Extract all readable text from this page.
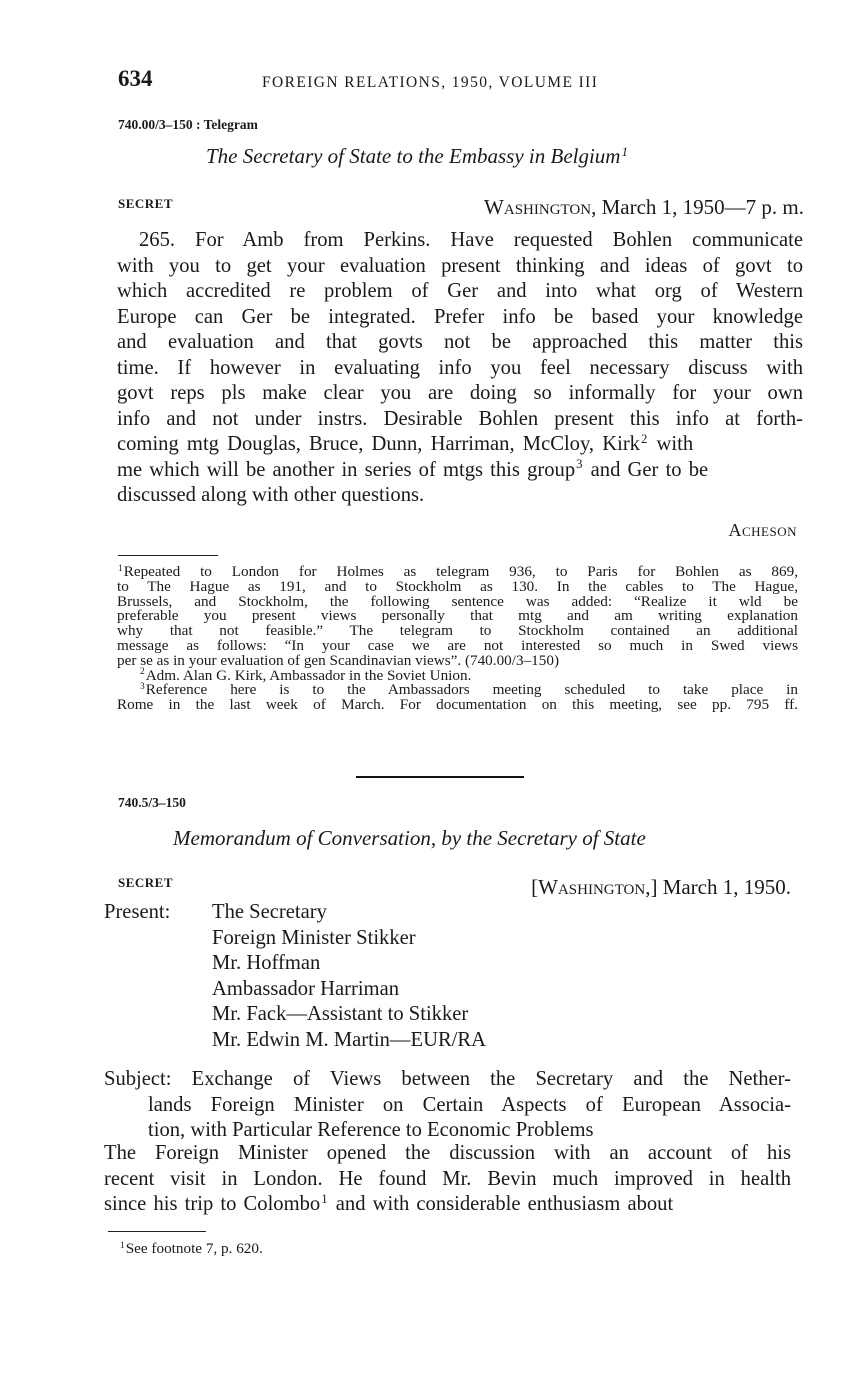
634	FOREIGN RELATIONS, 1950, VOLUME III
740.00/3–150 : Telegram
The Secretary of State to the Embassy in Belgium$^1$
SECRET	Washington, March 1, 1950—7 p. m.
265. For Amb from Perkins. Have requested Bohlen communicate
with you to get your evaluation present thinking and ideas of govt to
which accredited re problem of Ger and into what org of Western
Europe can Ger be integrated. Prefer info be based your knowledge
and evaluation and that govts not be approached this matter this
time. If however in evaluating info you feel necessary discuss with
govt reps pls make clear you are doing so informally for your own
info and not under instrs. Desirable Bohlen present this info at forth-
coming mtg Douglas, Bruce, Dunn, Harriman, McCloy, Kirk$^2$ with
me which will be another in series of mtgs this group$^3$ and Ger to be
discussed along with other questions.
Acheson
$^1$Repeated to London for Holmes as telegram 936, to Paris for Bohlen as 869,
to The Hague as 191, and to Stockholm as 130. In the cables to The Hague,
Brussels, and Stockholm, the following sentence was added: “Realize it wld be
preferable you present views personally that mtg and am writing explanation
why that not feasible.” The telegram to Stockholm contained an additional
message as follows: “In your case we are not interested so much in Swed views
per se as in your evaluation of gen Scandinavian views”. (740.00/3–150)
$^2$Adm. Alan G. Kirk, Ambassador in the Soviet Union.
$^3$Reference here is to the Ambassadors meeting scheduled to take place in
Rome in the last week of March. For documentation on this meeting, see pp. 795 ff.
740.5/3–150
Memorandum of Conversation, by the Secretary of State
SECRET	[Washington,] March 1, 1950.
Present: The Secretary
Foreign Minister Stikker
Mr. Hoffman
Ambassador Harriman
Mr. Fack—Assistant to Stikker
Mr. Edwin M. Martin—EUR/RA
Subject: Exchange of Views between the Secretary and the Nether-
lands Foreign Minister on Certain Aspects of European Associa-
tion, with Particular Reference to Economic Problems
The Foreign Minister opened the discussion with an account of his
recent visit in London. He found Mr. Bevin much improved in health
since his trip to Colombo$^1$ and with considerable enthusiasm about
$^1$See footnote 7, p. 620.
